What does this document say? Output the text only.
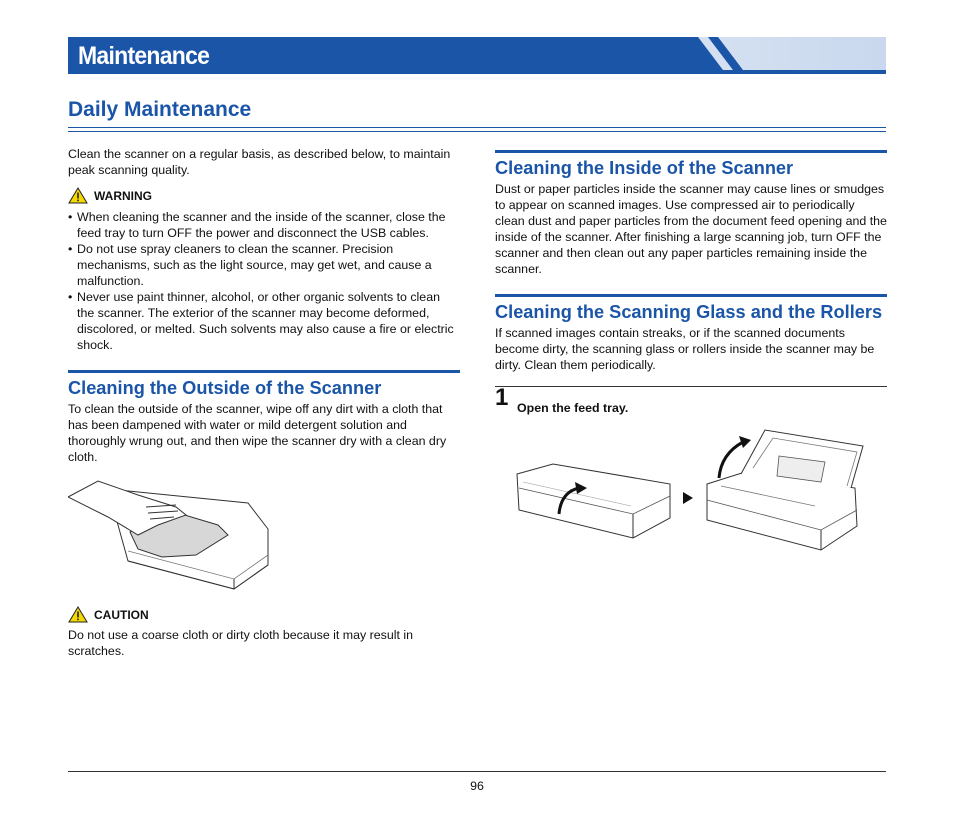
Maintenance
Daily Maintenance

Clean the scanner on a regular basis, as described below, to maintain peak scanning quality.

WARNING
• When cleaning the scanner and the inside of the scanner, close the feed tray to turn OFF the power and disconnect the USB cables.
• Do not use spray cleaners to clean the scanner. Precision mechanisms, such as the light source, may get wet, and cause a malfunction.
• Never use paint thinner, alcohol, or other organic solvents to clean the scanner. The exterior of the scanner may become deformed, discolored, or melted. Such solvents may also cause a fire or electric shock.
Cleaning the Outside of the Scanner

To clean the outside of the scanner, wipe off any dirt with a cloth that has been dampened with water or mild detergent solution and thoroughly wrung out, and then wipe the scanner dry with a clean dry cloth.

CAUTION

Do not use a coarse cloth or dirty cloth because it may result in scratches.

Cleaning the Inside of the Scanner

Dust or paper particles inside the scanner may cause lines or smudges to appear on scanned images. Use compressed air to periodically clean dust and paper particles from the document feed opening and the inside of the scanner. After finishing a large scanning job, turn OFF the scanner and then clean out any paper particles remaining inside the scanner.

Cleaning the Scanning Glass and the Rollers

If scanned images contain streaks, or if the scanned documents become dirty, the scanning glass or rollers inside the scanner may be dirty. Clean them periodically.

1 Open the feed tray.
96
